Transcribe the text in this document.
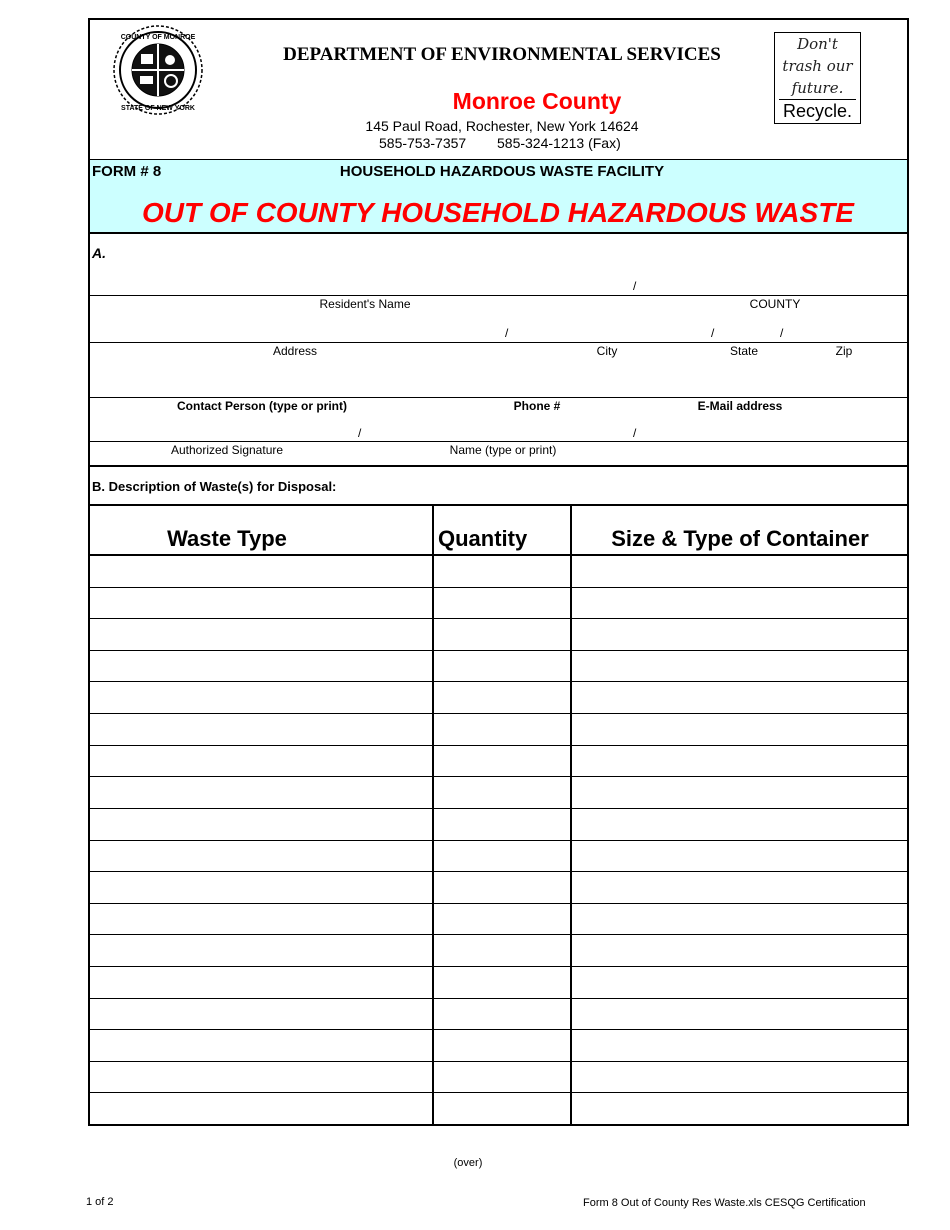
COUNTY OF MONROE
STATE OF NEW YORK
DEPARTMENT OF ENVIRONMENTAL SERVICES
Monroe County
145 Paul Road, Rochester, New York 14624
585-753-7357 585-324-1213 (Fax)
Don't
trash our
future.
Recycle.
FORM # 8	HOUSEHOLD HAZARDOUS WASTE FACILITY
OUT OF COUNTY HOUSEHOLD HAZARDOUS WASTE
A.
/
Resident's Name	COUNTY
/	/	/
Address	City	State	Zip
Contact Person (type or print)	Phone #	E-Mail address
/	/
Authorized Signature	Name (type or print)
B. Description of Waste(s) for Disposal:
Waste Type	Quantity	Size & Type of Container
(over)
1 of 2	Form 8 Out of County Res Waste.xls CESQG Certification
